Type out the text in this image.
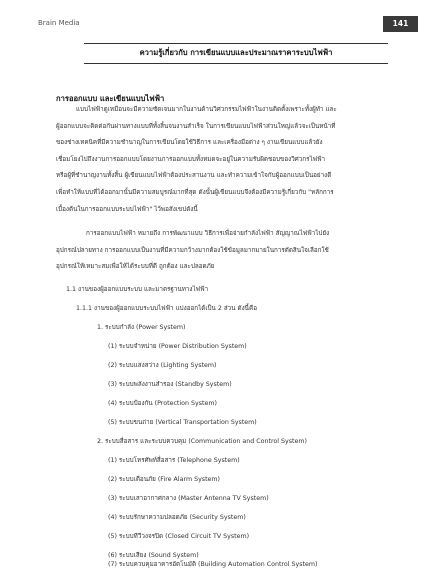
Brain Media	141
ความรู้เกี่ยวกับ การเขียนแบบและประมาณราคาระบบไฟฟ้า
การออกแบบ และเขียนแบบไฟฟ้า
แบบไฟฟ้าดูเหมือนจะมีความซัดเจนมากในงานด้านวิศวกรรมไฟฟ้าในงานติดตั้งเพราะทั้งผู้ทำ และ
ผู้ออกแบบจะติดต่อกันผ่านทางแบบที่ทั้งสิ้นจนงานสำเร็จ ในการเขียนแบบไฟฟ้าส่วนใหญ่แล้วจะเป็นหน้าที่
ของช่างเทคนิคที่มีความชำนาญในการเขียนโดยใช้วิธีการ และเครื่องมือต่าง ๆ งานเขียนแบบแล้วยัง
เชื่อมโยงไปถึงงานการออกแบบโดยงานการออกแบบทั้งหมดจะอยู่ในความรับผิดชอบของวิศวกรไฟฟ้า
หรือผู้ที่ชำนาญงานทั้งสิ้น ผู้เขียนแบบไฟฟ้าต้องประสานงาน และทำความเข้าใจกับผู้ออกแบบเป็นอย่างดี
เพื่อทำให้แบบที่ได้ออกมานั้นมีความสมบูรณ์มากที่สุด ดังนั้นผู้เขียนแบบจึงต้องมีความรู้เกี่ยวกับ "หลักการ
เบื้องต้นในการออกแบบระบบไฟฟ้า" ไว้พอสังเขปดังนี้
การออกแบบไฟฟ้า หมายถึง การพัฒนาแบบ วิธีการเพื่อจ่ายกำลังไฟฟ้า สัญญาณไฟฟ้าไปยัง
อุปกรณ์ปลายทาง การออกแบบเป็นงานที่มีความกว้างมากต้องใช้ข้อมูลมากมายในการตัดสินใจเลือกใช้
อุปกรณ์ให้เหมาะสมเพื่อให้ได้ระบบที่ดี ถูกต้อง และปลอดภัย
1.1 งานของผู้ออกแบบระบบ และมาตรฐานทางไฟฟ้า
1.1.1 งานของผู้ออกแบบระบบไฟฟ้า แบ่งออกได้เป็น 2 ส่วน ดังนี้คือ
1. ระบบกำลัง (Power System)
(1) ระบบจำหน่าย (Power Distribution System)
(2) ระบบแสงสว่าง (Lighting System)
(3) ระบบพลังงานสำรอง (Standby System)
(4) ระบบป้องกัน (Protection System)
(5) ระบบขนถ่าย (Vertical Transportation System)
2. ระบบสื่อสาร และระบบควบคุม (Communication and Control System)
(1) ระบบโทรศัพท์สื่อสาร (Telephone System)
(2) ระบบเตือนภัย (Fire Alarm System)
(3) ระบบเสาอากาศกลาง (Master Antenna TV System)
(4) ระบบรักษาความปลอดภัย (Security System)
(5) ระบบทีวีวงจรปิด (Closed Circuit TV System)
(6) ระบบเสียง (Sound System)
(7) ระบบควบคุมอาคารอัตโนมัติ (Building Automation Control System)
